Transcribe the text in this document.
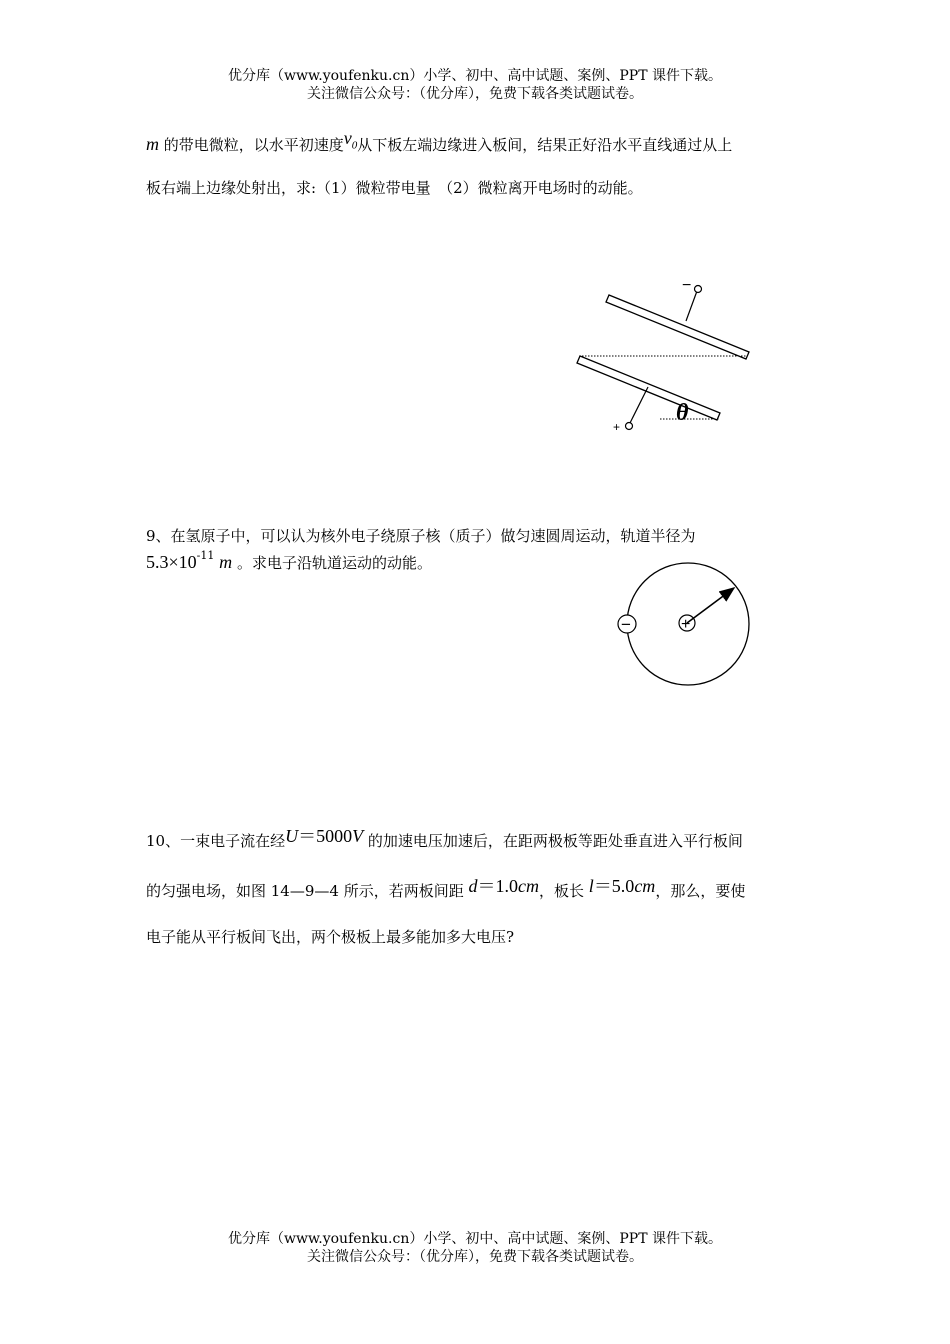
优分库（www.youfenku.cn）小学、初中、高中试题、案例、PPT 课件下载。
关注微信公众号：（优分库），免费下载各类试题试卷。
m 的带电微粒，以水平初速度$v_0$从下板左端边缘进入板间，结果正好沿水平直线通过从上
板右端上边缘处射出，求:（1）微粒带电量　（2）微粒离开电场时的动能。
−
+
θ
9、在氢原子中，可以认为核外电子绕原子核（质子）做匀速圆周运动，轨道半径为
$5.3\times 10^{-11}$ m 。求电子沿轨道运动的动能。
+
−
10、一束电子流在经U＝5000V 的加速电压加速后，在距两极板等距处垂直进入平行板间
的匀强电场，如图 14—9—4 所示，若两板间距 d＝1.0cm，板长 l＝5.0cm，那么，要使
电子能从平行板间飞出，两个极板上最多能加多大电压?
优分库（www.youfenku.cn）小学、初中、高中试题、案例、PPT 课件下载。
关注微信公众号：（优分库），免费下载各类试题试卷。
